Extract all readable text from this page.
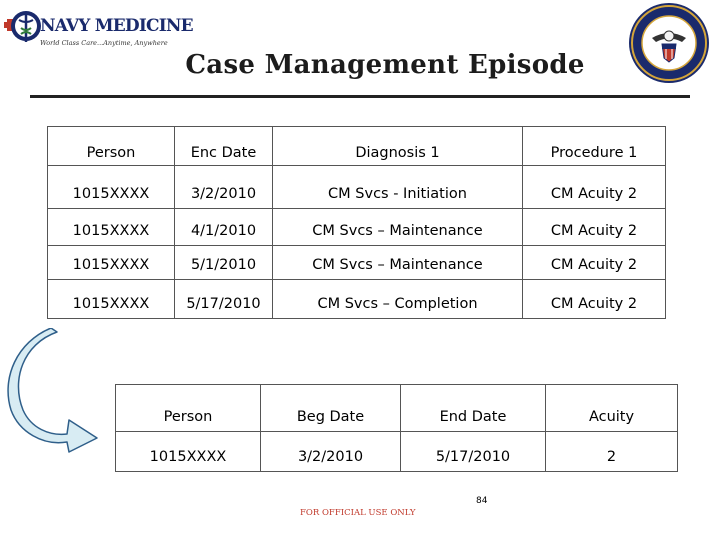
NAVY MEDICINE
World Class Care...Anytime, Anywhere
Case Management Episode
Person	Enc Date	Diagnosis 1	Procedure 1
1015XXXX	3/2/2010	CM Svcs - Initiation	CM Acuity 2
1015XXXX	4/1/2010	CM Svcs – Maintenance	CM Acuity 2
1015XXXX	5/1/2010	CM Svcs – Maintenance	CM Acuity 2
1015XXXX	5/17/2010	CM Svcs – Completion	CM Acuity 2
Person	Beg Date	End Date	Acuity
1015XXXX	3/2/2010	5/17/2010	2
84
FOR OFFICIAL USE ONLY
